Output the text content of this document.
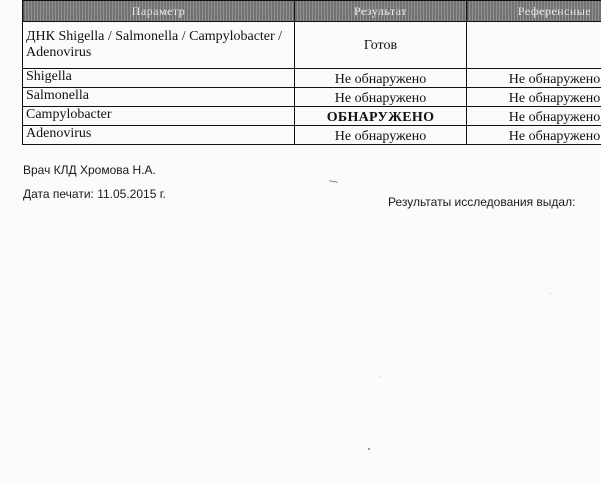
Параметр	Результат	Референсные
ДНК Shigella / Salmonella / Campylobacter / Adenovirus	Готов	
Shigella	Не обнаружено	Не обнаружено
Salmonella	Не обнаружено	Не обнаружено
Campylobacter	ОБНАРУЖЕНО	Не обнаружено
Adenovirus	Не обнаружено	Не обнаружено
Врач КЛД Хромова Н.А.
Дата печати: 11.05.2015 г.
Результаты исследования выдал:
